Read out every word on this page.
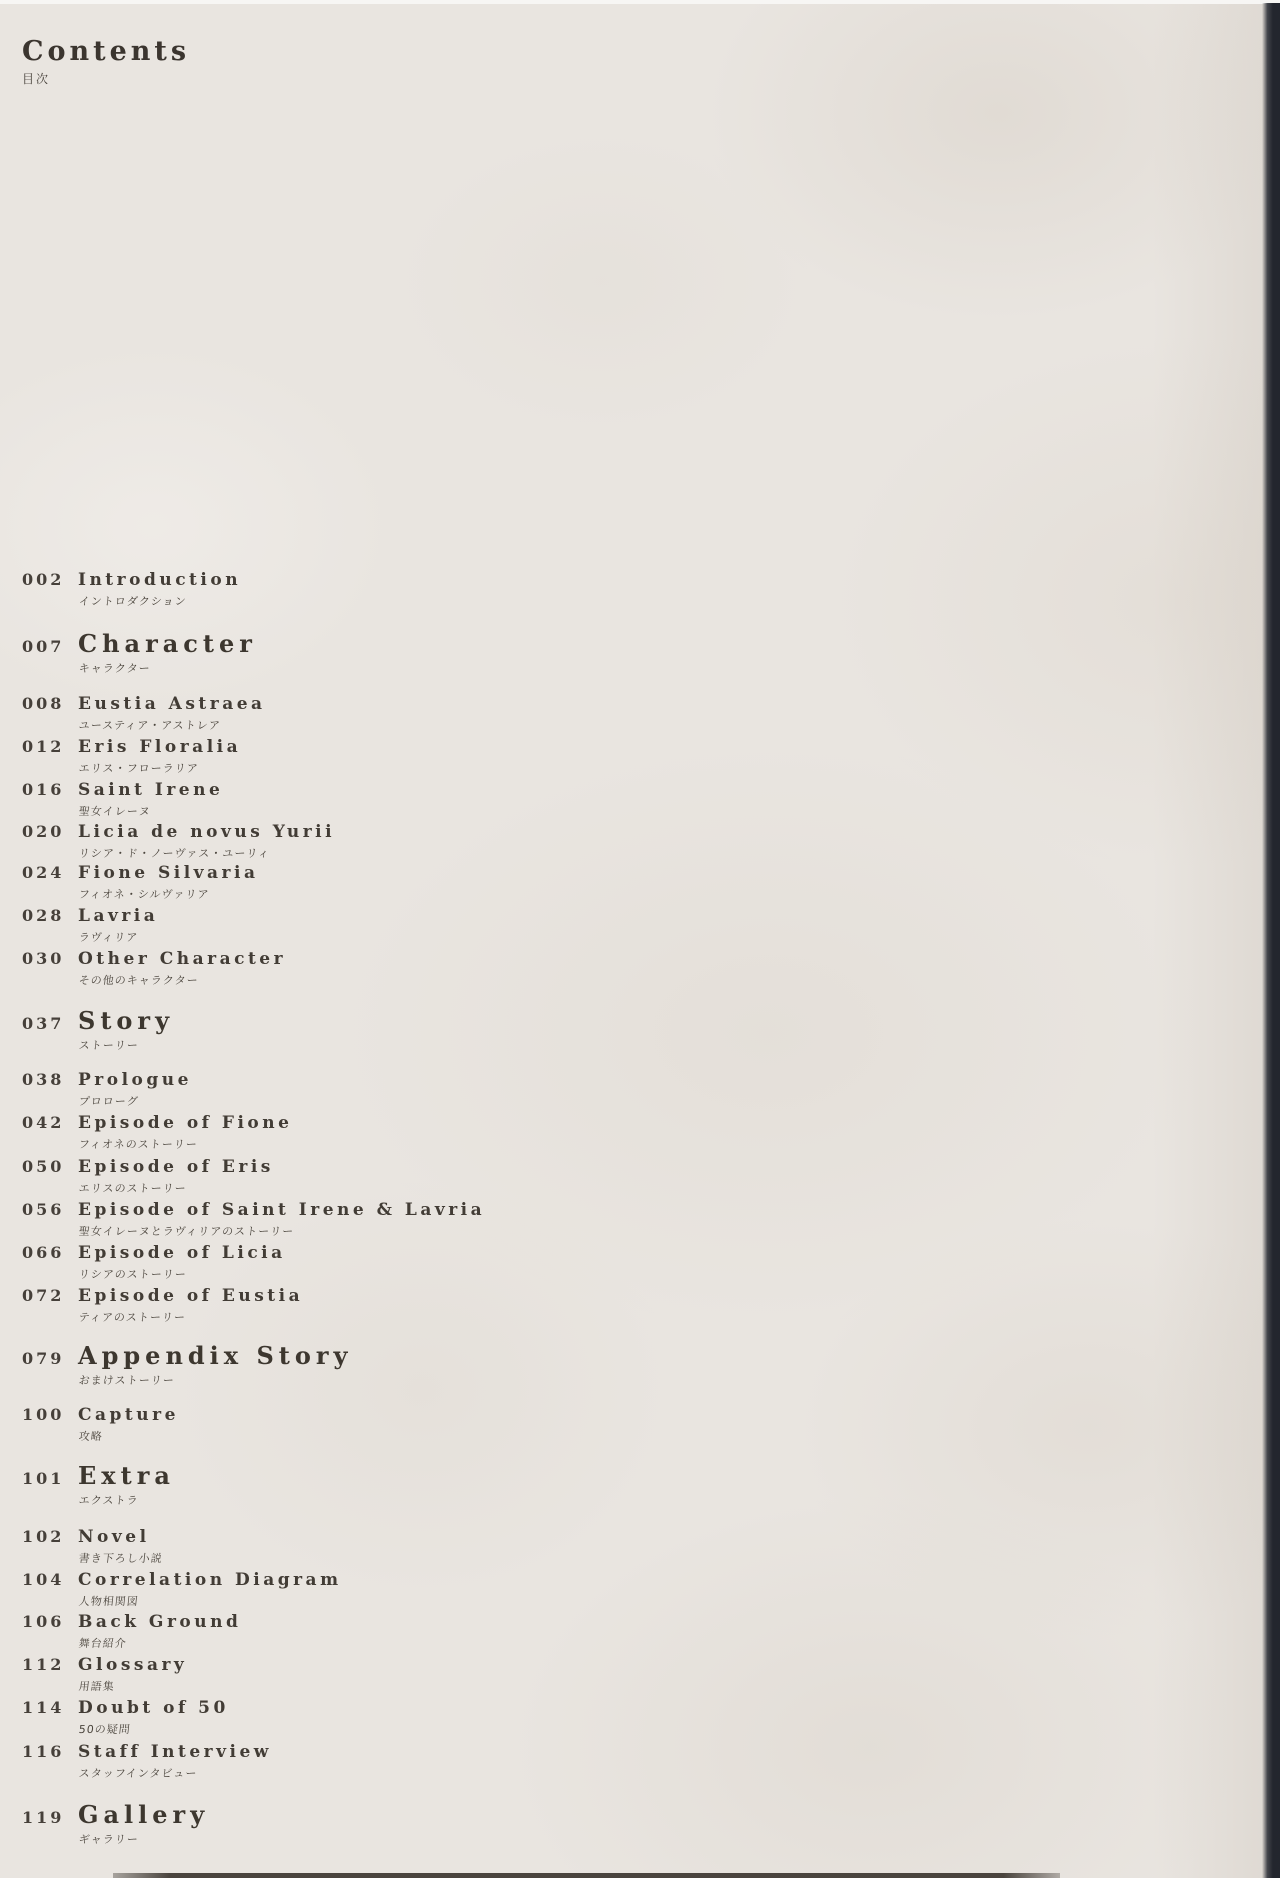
Contents
目次
002 Introduction
イントロダクション
007 Character
キャラクター
008 Eustia Astraea
ユースティア・アストレア
012 Eris Floralia
エリス・フローラリア
016 Saint Irene
聖女イレーヌ
020 Licia de novus Yurii
リシア・ド・ノーヴァス・ユーリィ
024 Fione Silvaria
フィオネ・シルヴァリア
028 Lavria
ラヴィリア
030 Other Character
その他のキャラクター
037 Story
ストーリー
038 Prologue
プロローグ
042 Episode of Fione
フィオネのストーリー
050 Episode of Eris
エリスのストーリー
056 Episode of Saint Irene & Lavria
聖女イレーヌとラヴィリアのストーリー
066 Episode of Licia
リシアのストーリー
072 Episode of Eustia
ティアのストーリー
079 Appendix Story
おまけストーリー
100 Capture
攻略
101 Extra
エクストラ
102 Novel
書き下ろし小説
104 Correlation Diagram
人物相関図
106 Back Ground
舞台紹介
112 Glossary
用語集
114 Doubt of 50
50の疑問
116 Staff Interview
スタッフインタビュー
119 Gallery
ギャラリー
